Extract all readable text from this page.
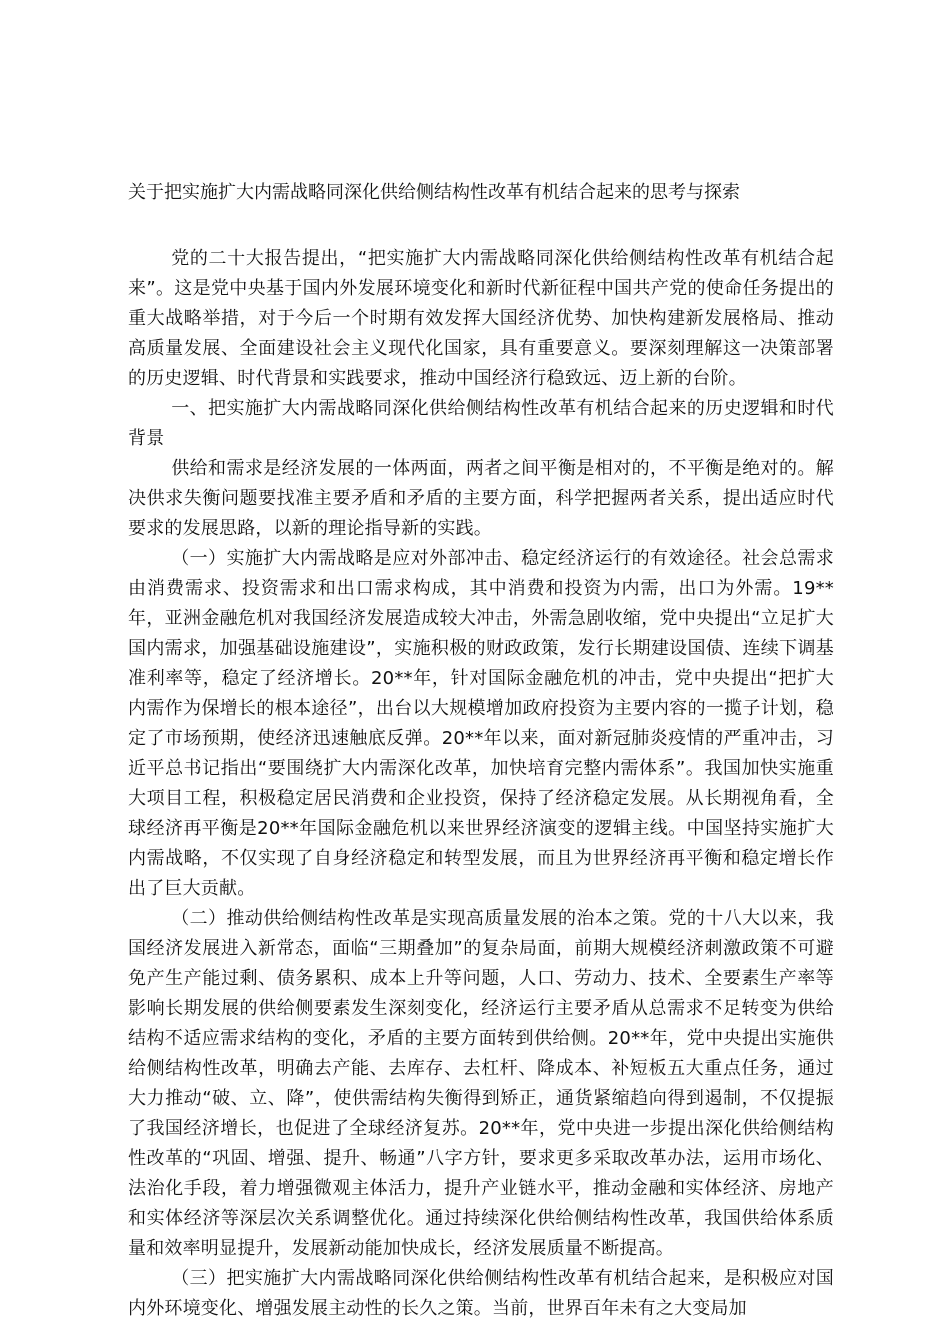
关于把实施扩大内需战略同深化供给侧结构性改革有机结合起来的思考与探索

党的二十大报告提出，“把实施扩大内需战略同深化供给侧结构性改革有机结合起来”。这是党中央基于国内外发展环境变化和新时代新征程中国共产党的使命任务提出的重大战略举措，对于今后一个时期有效发挥大国经济优势、加快构建新发展格局、推动高质量发展、全面建设社会主义现代化国家，具有重要意义。要深刻理解这一决策部署的历史逻辑、时代背景和实践要求，推动中国经济行稳致远、迈上新的台阶。

一、把实施扩大内需战略同深化供给侧结构性改革有机结合起来的历史逻辑和时代背景

供给和需求是经济发展的一体两面，两者之间平衡是相对的，不平衡是绝对的。解决供求失衡问题要找准主要矛盾和矛盾的主要方面，科学把握两者关系，提出适应时代要求的发展思路，以新的理论指导新的实践。

（一）实施扩大内需战略是应对外部冲击、稳定经济运行的有效途径。社会总需求由消费需求、投资需求和出口需求构成，其中消费和投资为内需，出口为外需。19**年，亚洲金融危机对我国经济发展造成较大冲击，外需急剧收缩，党中央提出“立足扩大国内需求，加强基础设施建设”，实施积极的财政政策，发行长期建设国债、连续下调基准利率等，稳定了经济增长。20**年，针对国际金融危机的冲击，党中央提出“把扩大内需作为保增长的根本途径”，出台以大规模增加政府投资为主要内容的一揽子计划，稳定了市场预期，使经济迅速触底反弹。20**年以来，面对新冠肺炎疫情的严重冲击，习近平总书记指出“要围绕扩大内需深化改革，加快培育完整内需体系”。我国加快实施重大项目工程，积极稳定居民消费和企业投资，保持了经济稳定发展。从长期视角看，全球经济再平衡是20**年国际金融危机以来世界经济演变的逻辑主线。中国坚持实施扩大内需战略，不仅实现了自身经济稳定和转型发展，而且为世界经济再平衡和稳定增长作出了巨大贡献。

（二）推动供给侧结构性改革是实现高质量发展的治本之策。党的十八大以来，我国经济发展进入新常态，面临“三期叠加”的复杂局面，前期大规模经济刺激政策不可避免产生产能过剩、债务累积、成本上升等问题，人口、劳动力、技术、全要素生产率等影响长期发展的供给侧要素发生深刻变化，经济运行主要矛盾从总需求不足转变为供给结构不适应需求结构的变化，矛盾的主要方面转到供给侧。20**年，党中央提出实施供给侧结构性改革，明确去产能、去库存、去杠杆、降成本、补短板五大重点任务，通过大力推动“破、立、降”，使供需结构失衡得到矫正，通货紧缩趋向得到遏制，不仅提振了我国经济增长，也促进了全球经济复苏。20**年，党中央进一步提出深化供给侧结构性改革的“巩固、增强、提升、畅通”八字方针，要求更多采取改革办法，运用市场化、法治化手段，着力增强微观主体活力，提升产业链水平，推动金融和实体经济、房地产和实体经济等深层次关系调整优化。通过持续深化供给侧结构性改革，我国供给体系质量和效率明显提升，发展新动能加快成长，经济发展质量不断提高。

（三）把实施扩大内需战略同深化供给侧结构性改革有机结合起来，是积极应对国内外环境变化、增强发展主动性的长久之策。当前，世界百年未有之大变局加
